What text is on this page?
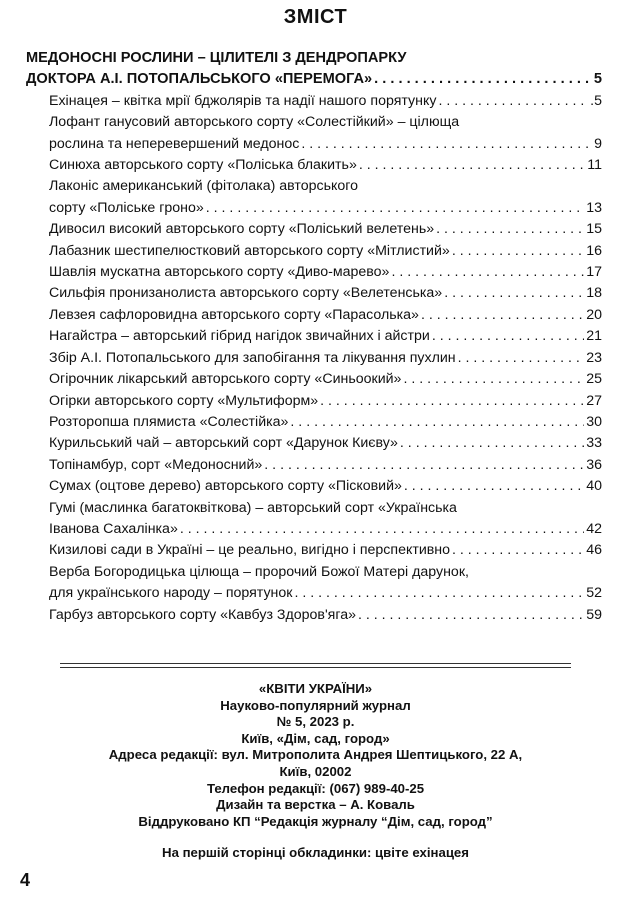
ЗМІСТ
МЕДОНОСНІ РОСЛИНИ – ЦІЛИТЕЛІ З ДЕНДРОПАРКУ
ДОКТОРА А.І. ПОТОПАЛЬСЬКОГО «ПЕРЕМОГА» . . .	5
Ехінацея – квітка мрії бджолярів та надії нашого порятунку . . .	.5
Лофант ганусовий авторського сорту «Солестійкий» – цілюща
рослина та неперевершений медонос . . .	9
Синюха авторського сорту «Поліська блакить» . . .	11
Лаконіс американський (фітолака) авторського
сорту «Поліське гроно» . . .	13
Дивосил високий авторського сорту «Поліський велетень» . . .	15
Лабазник шестипелюстковий авторського сорту «Мітлистий» . . .	16
Шавлія мускатна авторського сорту «Диво-марево» . . .	17
Сильфія пронизанолиста авторського сорту «Велетенська» . . .	18
Левзея сафлоровидна авторського сорту «Парасолька» . . .	20
Нагайстра – авторський гібрид нагідок звичайних і айстри . . .	21
Збір А.І. Потопальського для запобігання та лікування пухлин . . .	23
Огірочник лікарський авторського сорту «Синьоокий» . . .	25
Огірки авторського сорту «Мультиформ» . . .	27
Розторопша плямиста «Солестійка» . . .	30
Курильський чай – авторський сорт «Дарунок Києву» . . .	33
Топінамбур, сорт «Медоносний» . . .	36
Сумах (оцтове дерево) авторського сорту «Пісковий» . . .	40
Гумі (маслинка багатоквіткова) – авторський сорт «Українська
Іванова Сахалінка» . . .	42
Кизилові сади в Україні – це реально, вигідно і перспективно . . .	46
Верба Богородицька цілюща – пророчий Божої Матері дарунок,
для українського народу – порятунок . . .	52
Гарбуз авторського сорту «Кавбуз Здоров'яга» . . .	59
«КВІТИ УКРАЇНИ»
Науково-популярний журнал
№ 5, 2023 р.
Київ, «Дім, сад, город»
Адреса редакції: вул. Митрополита Андрея Шептицького, 22 А,
Київ, 02002
Телефон редакції: (067) 989-40-25
Дизайн та верстка – А. Коваль
Віддруковано КП “Редакція журналу “Дім, сад, город”
На першій сторінці обкладинки: цвіте ехінацея
4
